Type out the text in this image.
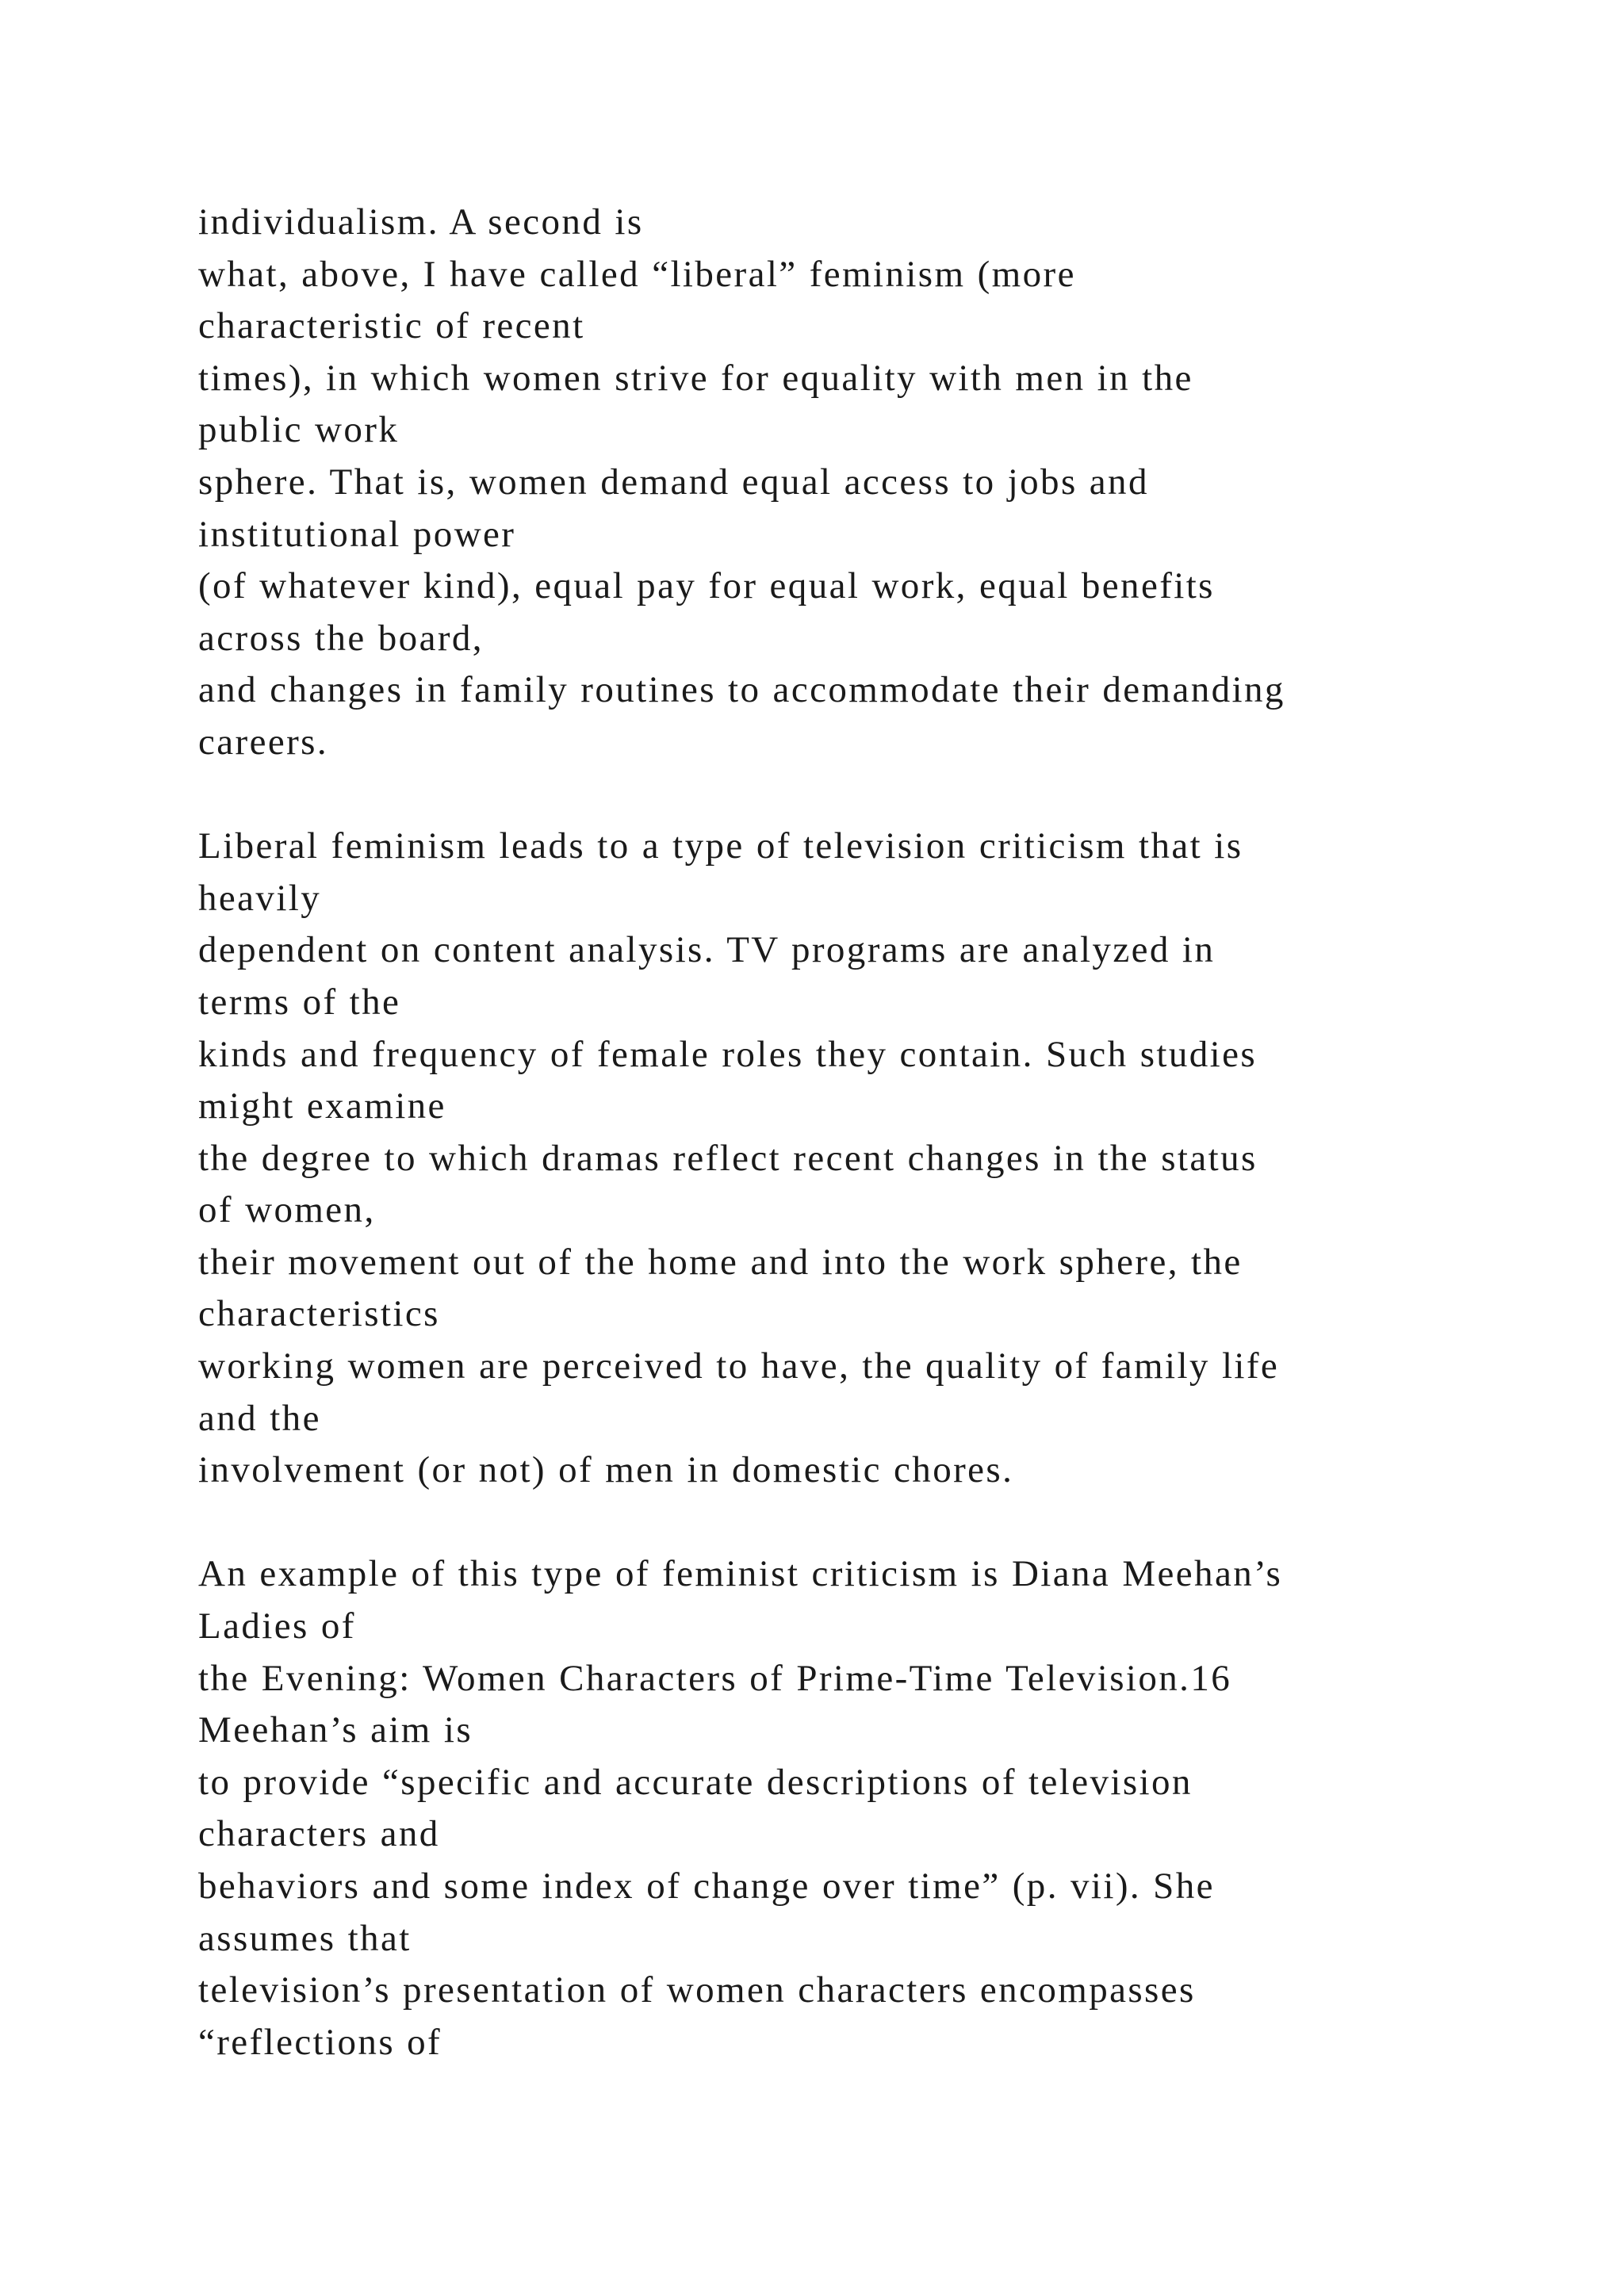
individualism. A second is
what, above, I have called “liberal” feminism (more
characteristic of recent
times), in which women strive for equality with men in the
public work
sphere. That is, women demand equal access to jobs and
institutional power
(of whatever kind), equal pay for equal work, equal benefits
across the board,
and changes in family routines to accommodate their demanding
careers.
Liberal feminism leads to a type of television criticism that is
heavily
dependent on content analysis. TV programs are analyzed in
terms of the
kinds and frequency of female roles they contain. Such studies
might examine
the degree to which dramas reflect recent changes in the status
of women,
their movement out of the home and into the work sphere, the
characteristics
working women are perceived to have, the quality of family life
and the
involvement (or not) of men in domestic chores.
An example of this type of feminist criticism is Diana Meehan’s
Ladies of
the Evening: Women Characters of Prime-Time Television.16
Meehan’s aim is
to provide “specific and accurate descriptions of television
characters and
behaviors and some index of change over time” (p. vii). She
assumes that
television’s presentation of women characters encompasses
“reflections of
